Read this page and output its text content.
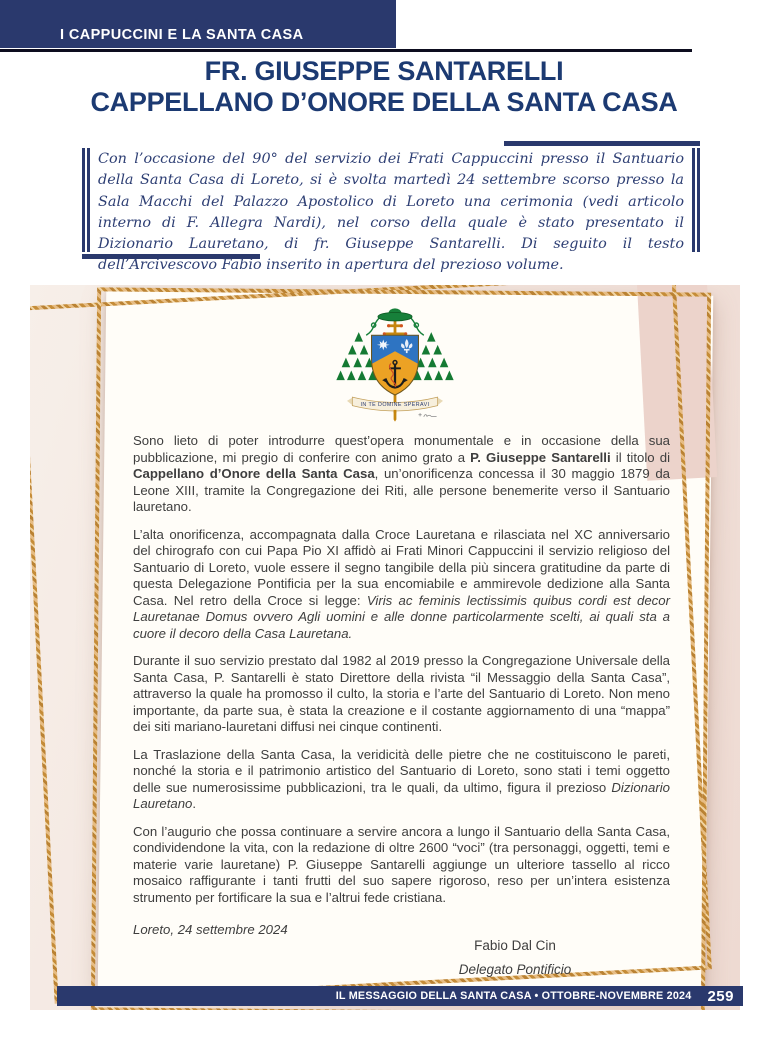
I CAPPUCCINI E LA SANTA CASA
FR. GIUSEPPE SANTARELLI
CAPPELLANO D’ONORE DELLA SANTA CASA
Con l’occasione del 90° del servizio dei Frati Cappuccini presso il Santuario della Santa Casa di Loreto, si è svolta martedì 24 settembre scorso presso la Sala Macchi del Palazzo Apostolico di Loreto una cerimonia (vedi articolo interno di F. Allegra Nardi), nel corso della quale è stato presentato il Dizionario Lauretano, di fr. Giuseppe Santarelli. Di seguito il testo dell’Arcivescovo Fabio inserito in apertura del prezioso volume.
IN TE DOMINE SPERAVI

Sono lieto di poter introdurre quest’opera monumentale e in occasione della sua pubblicazione, mi pregio di conferire con animo grato a P. Giuseppe Santarelli il titolo di Cappellano d’Onore della Santa Casa, un’onorificenza concessa il 30 maggio 1879 da Leone XIII, tramite la Congregazione dei Riti, alle persone benemerite verso il Santuario lauretano.

L’alta onorificenza, accompagnata dalla Croce Lauretana e rilasciata nel XC anniversario del chirografo con cui Papa Pio XI affidò ai Frati Minori Cappuccini il servizio religioso del Santuario di Loreto, vuole essere il segno tangibile della più sincera gratitudine da parte di questa Delegazione Pontificia per la sua encomiabile e ammirevole dedizione alla Santa Casa. Nel retro della Croce si legge: Viris ac feminis lectissimis quibus cordi est decor Lauretanae Domus ovvero Agli uomini e alle donne particolarmente scelti, ai quali sta a cuore il decoro della Casa Lauretana.

Durante il suo servizio prestato dal 1982 al 2019 presso la Congregazione Universale della Santa Casa, P. Santarelli è stato Direttore della rivista “il Messaggio della Santa Casa”, attraverso la quale ha promosso il culto, la storia e l’arte del Santuario di Loreto. Non meno importante, da parte sua, è stata la creazione e il costante aggiornamento di una “mappa” dei siti mariano-lauretani diffusi nei cinque continenti.

La Traslazione della Santa Casa, la veridicità delle pietre che ne costituiscono le pareti, nonché la storia e il patrimonio artistico del Santuario di Loreto, sono stati i temi oggetto delle sue numerosissime pubblicazioni, tra le quali, da ultimo, figura il prezioso Dizionario Lauretano.

Con l’augurio che possa continuare a servire ancora a lungo il Santuario della Santa Casa, condividendone la vita, con la redazione di oltre 2600 “voci” (tra personaggi, oggetti, temi e materie varie lauretane) P. Giuseppe Santarelli aggiunge un ulteriore tassello al ricco mosaico raffigurante i tanti frutti del suo sapere rigoroso, reso per un’intera esistenza strumento per fortificare la sua e l’altrui fede cristiana.

Loreto, 24 settembre 2024

Fabio Dal Cin
Delegato Pontificio
IL MESSAGGIO DELLA SANTA CASA • OTTOBRE-NOVEMBRE 2024 259
